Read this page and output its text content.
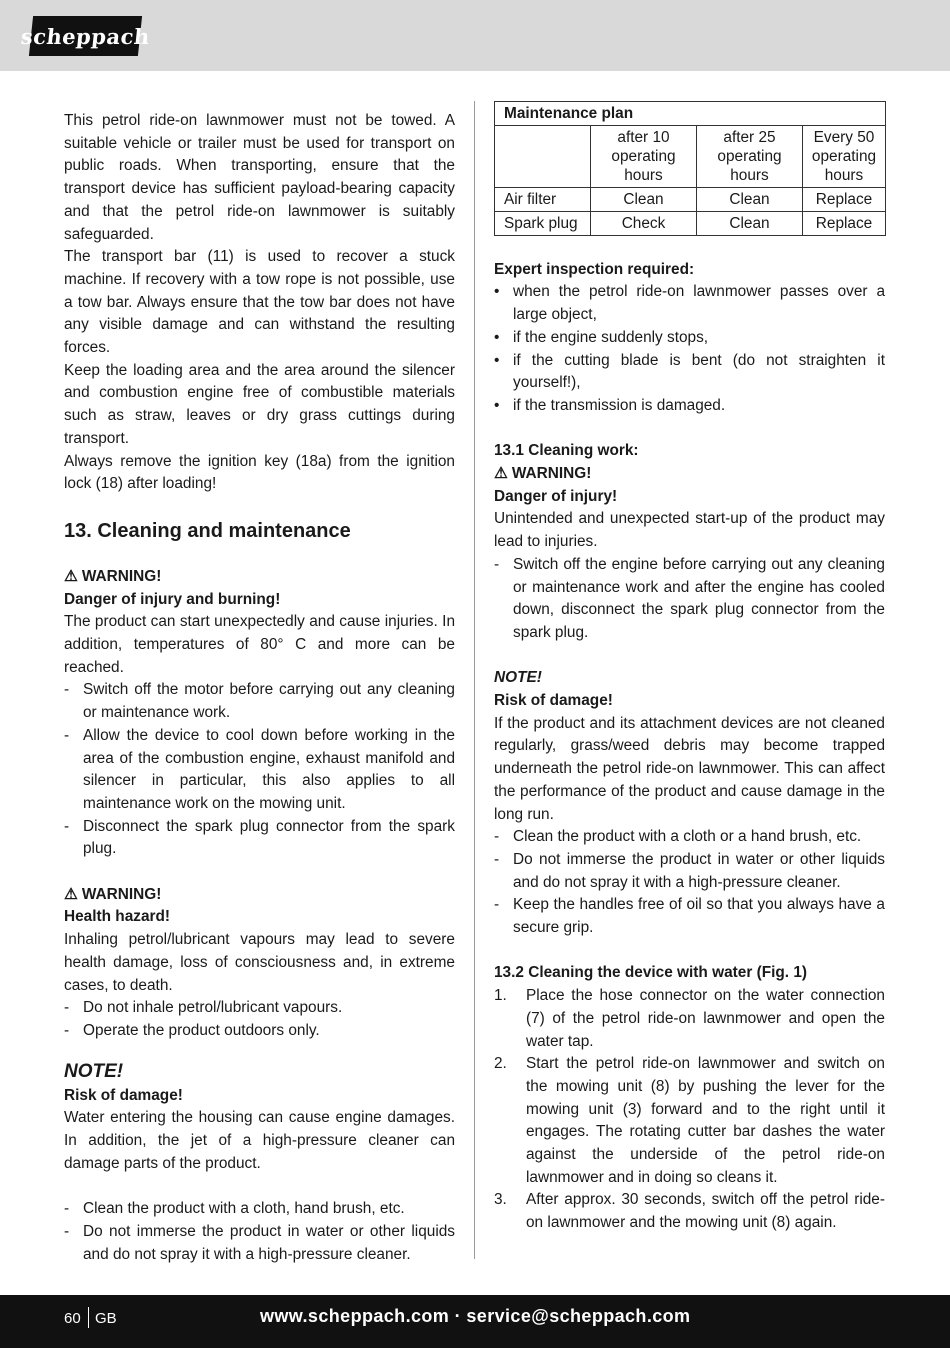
scheppach

This petrol ride-on lawnmower must not be towed. A suitable vehicle or trailer must be used for transport on public roads. When transporting, ensure that the transport device has sufficient payload-bearing capacity and that the petrol ride-on lawnmower is suitably safeguarded.

The transport bar (11) is used to recover a stuck machine. If recovery with a tow rope is not possible, use a tow bar. Always ensure that the tow bar does not have any visible damage and can withstand the resulting forces.

Keep the loading area and the area around the silencer and combustion engine free of combustible materials such as straw, leaves or dry grass cuttings during transport.

Always remove the ignition key (18a) from the ignition lock (18) after loading!

13. Cleaning and maintenance

⚠ WARNING!

Danger of injury and burning!

The product can start unexpectedly and cause injuries. In addition, temperatures of 80° C and more can be reached.

- Switch off the motor before carrying out any cleaning or maintenance work.
- Allow the device to cool down before working in the area of the combustion engine, exhaust manifold and silencer in particular, this also applies to all maintenance work on the mowing unit.
- Disconnect the spark plug connector from the spark plug.

⚠ WARNING!

Health hazard!

Inhaling petrol/lubricant vapours may lead to severe health damage, loss of consciousness and, in extreme cases, to death.

- Do not inhale petrol/lubricant vapours.
- Operate the product outdoors only.

NOTE!

Risk of damage!

Water entering the housing can cause engine damages. In addition, the jet of a high-pressure cleaner can damage parts of the product.

- Clean the product with a cloth, hand brush, etc.
- Do not immerse the product in water or other liquids and do not spray it with a high-pressure cleaner.
Maintenance plan			
	after 10 operating hours	after 25 operating hours	Every 50 operating hours
Air filter	Clean	Clean	Replace
Spark plug	Check	Clean	Replace

Expert inspection required:

• when the petrol ride-on lawnmower passes over a large object,
• if the engine suddenly stops,
• if the cutting blade is bent (do not straighten it yourself!),
• if the transmission is damaged.

13.1 Cleaning work:

⚠ WARNING!

Danger of injury!

Unintended and unexpected start-up of the product may lead to injuries.

- Switch off the engine before carrying out any cleaning or maintenance work and after the engine has cooled down, disconnect the spark plug connector from the spark plug.

NOTE!

Risk of damage!

If the product and its attachment devices are not cleaned regularly, grass/weed debris may become trapped underneath the petrol ride-on lawnmower. This can affect the performance of the product and cause damage in the long run.

- Clean the product with a cloth or a hand brush, etc.
- Do not immerse the product in water or other liquids and do not spray it with a high-pressure cleaner.
- Keep the handles free of oil so that you always have a secure grip.

13.2 Cleaning the device with water (Fig. 1)

1.	Place the hose connector on the water connection (7) of the petrol ride-on lawnmower and open the water tap.
2.	Start the petrol ride-on lawnmower and switch on the mowing unit (8) by pushing the lever for the mowing unit (3) forward and to the right until it engages. The rotating cutter bar dashes the water against the underside of the petrol ride-on lawnmower and in doing so cleans it.
3.	After approx. 30 seconds, switch off the petrol ride-on lawnmower and the mowing unit (8) again.
60 GB	www.scheppach.com · service@scheppach.com
